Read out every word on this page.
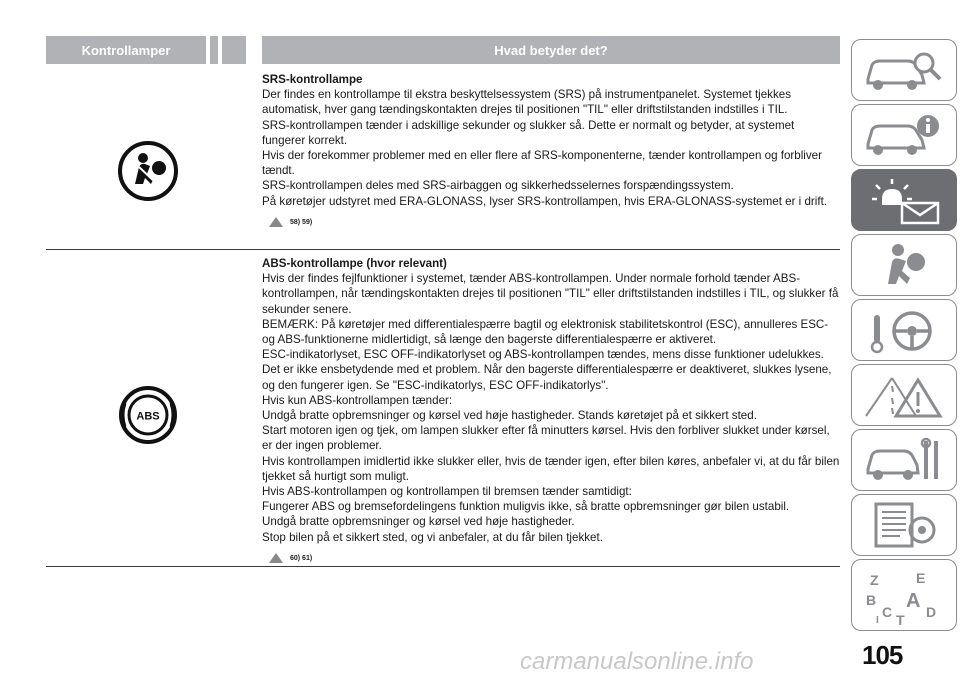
Kontrollamper	Hvad betyder det?

SRS-kontrollampe

Der findes en kontrollampe til ekstra beskyttelsessystem (SRS) på instrumentpanelet. Systemet tjekkes automatisk, hver gang tændingskontakten drejes til positionen "TIL" eller driftstilstanden indstilles i TIL.

SRS-kontrollampen tænder i adskillige sekunder og slukker så. Dette er normalt og betyder, at systemet fungerer korrekt.

Hvis der forekommer problemer med en eller flere af SRS-komponenterne, tænder kontrollampen og forbliver tændt.

SRS-kontrollampen deles med SRS-airbaggen og sikkerhedsselernes forspændingssystem.

På køretøjer udstyret med ERA-GLONASS, lyser SRS-kontrollampen, hvis ERA-GLONASS-systemet er i drift.

58) 59)
ABS

ABS-kontrollampe (hvor relevant)

Hvis der findes fejlfunktioner i systemet, tænder ABS-kontrollampen. Under normale forhold tænder ABS-kontrollampen, når tændingskontakten drejes til positionen "TIL" eller driftstilstanden indstilles i TIL, og slukker få sekunder senere.

BEMÆRK: På køretøjer med differentialespærre bagtil og elektronisk stabilitetskontrol (ESC), annulleres ESC- og ABS-funktionerne midlertidigt, så længe den bagerste differentialespærre er aktiveret.

ESC-indikatorlyset, ESC OFF-indikatorlyset og ABS-kontrollampen tændes, mens disse funktioner udelukkes. Det er ikke ensbetydende med et problem. Når den bagerste differentialespærre er deaktiveret, slukkes lysene, og den fungerer igen. Se "ESC-indikatorlys, ESC OFF-indikatorlys".

Hvis kun ABS-kontrollampen tænder:

Undgå bratte opbremsninger og kørsel ved høje hastigheder. Stands køretøjet på et sikkert sted.

Start motoren igen og tjek, om lampen slukker efter få minutters kørsel. Hvis den forbliver slukket under kørsel, er der ingen problemer.

Hvis kontrollampen imidlertid ikke slukker eller, hvis de tænder igen, efter bilen køres, anbefaler vi, at du får bilen tjekket så hurtigt som muligt.

Hvis ABS-kontrollampen og kontrollampen til bremsen tænder samtidigt:

Fungerer ABS og bremsefordelingens funktion muligvis ikke, så bratte opbremsninger gør bilen ustabil.

Undgå bratte opbremsninger og kørsel ved høje hastigheder.

Stop bilen på et sikkert sted, og vi anbefaler, at du får bilen tjekket.

60) 61)
Z	E
B A
C D
T
I
carmanualsonline.info	105
